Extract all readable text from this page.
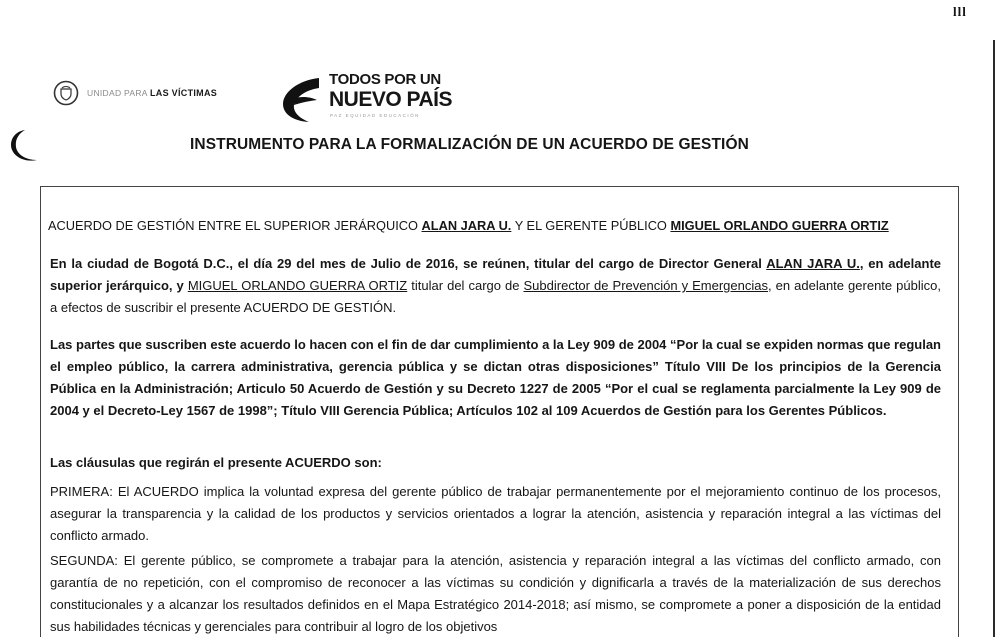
lll
UNIDAD PARA LAS VÍCTIMAS
TODOS POR UN
NUEVO PAÍS
PAZ EQUIDAD EDUCACIÓN
INSTRUMENTO PARA LA FORMALIZACIÓN DE UN ACUERDO DE GESTIÓN
ACUERDO DE GESTIÓN ENTRE EL SUPERIOR JERÁRQUICO ALAN JARA U. Y EL GERENTE PÚBLICO MIGUEL ORLANDO GUERRA ORTIZ
En la ciudad de Bogotá D.C., el día 29 del mes de Julio de 2016, se reúnen, titular del cargo de Director General ALAN JARA U., en adelante superior jerárquico, y MIGUEL ORLANDO GUERRA ORTIZ titular del cargo de Subdirector de Prevención y Emergencias, en adelante gerente público, a efectos de suscribir el presente ACUERDO DE GESTIÓN.
Las partes que suscriben este acuerdo lo hacen con el fin de dar cumplimiento a la Ley 909 de 2004 “Por la cual se expiden normas que regulan el empleo público, la carrera administrativa, gerencia pública y se dictan otras disposiciones” Título VIII De los principios de la Gerencia Pública en la Administración; Articulo 50 Acuerdo de Gestión y su Decreto 1227 de 2005 “Por el cual se reglamenta parcialmente la Ley 909 de 2004 y el Decreto-Ley 1567 de 1998”; Título VIII Gerencia Pública; Artículos 102 al 109 Acuerdos de Gestión para los Gerentes Públicos.
Las cláusulas que regirán el presente ACUERDO son:
PRIMERA: El ACUERDO implica la voluntad expresa del gerente público de trabajar permanentemente por el mejoramiento continuo de los procesos, asegurar la transparencia y la calidad de los productos y servicios orientados a lograr la atención, asistencia y reparación integral a las víctimas del conflicto armado.
SEGUNDA: El gerente público, se compromete a trabajar para la atención, asistencia y reparación integral a las víctimas del conflicto armado, con garantía de no repetición, con el compromiso de reconocer a las víctimas su condición y dignificarla a través de la materialización de sus derechos constitucionales y a alcanzar los resultados definidos en el Mapa Estratégico 2014-2018; así mismo, se compromete a poner a disposición de la entidad sus habilidades técnicas y gerenciales para contribuir al logro de los objetivos
